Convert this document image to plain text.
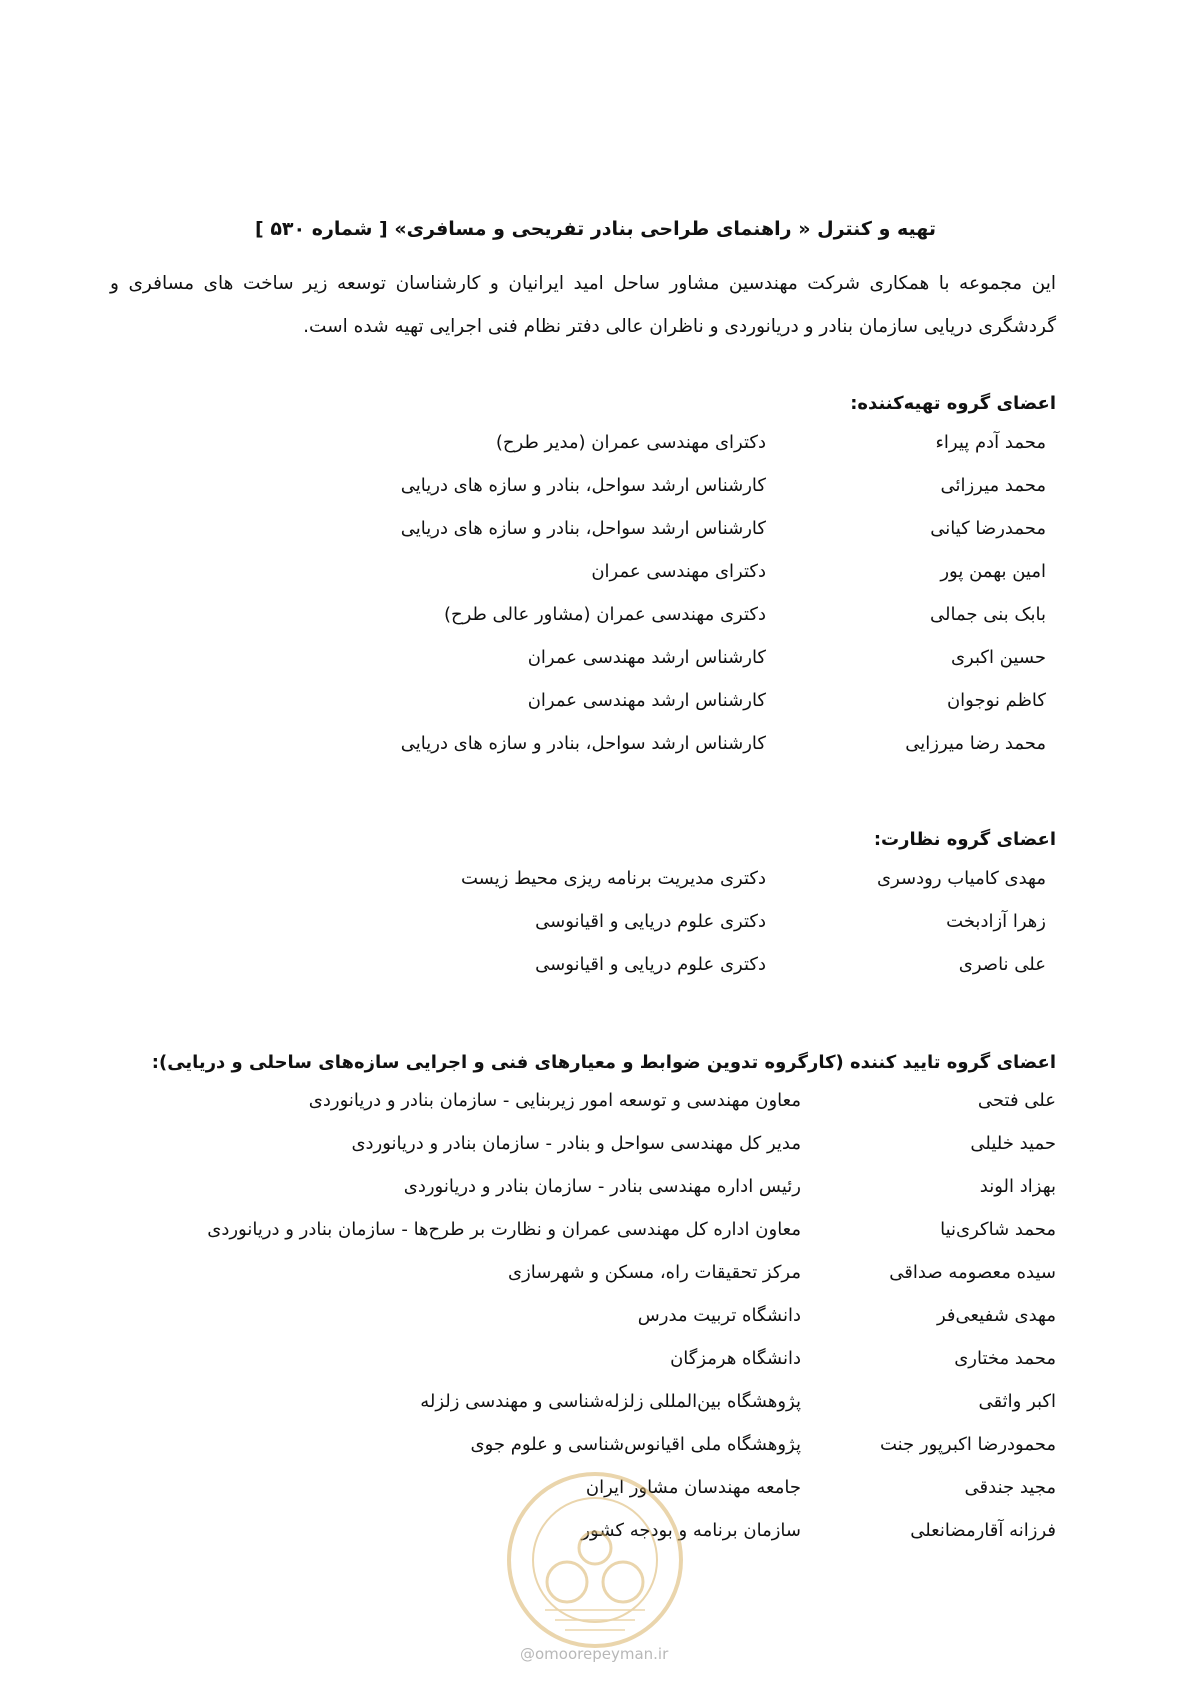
تهیه و کنترل « راهنمای طراحی بنادر تفریحی و مسافری» [ شماره ۵۳۰ ]
این مجموعه با همکاری شرکت مهندسین مشاور ساحل امید ایرانیان و کارشناسان توسعه زیر ساخت های مسافری و گردشگری دریایی سازمان بنادر و دریانوردی و ناظران عالی دفتر نظام فنی اجرایی تهیه شده است.
اعضای گروه تهیه‌کننده:
محمد آدم پیراء
دکترای مهندسی عمران (مدیر طرح)
محمد میرزائی
کارشناس ارشد سواحل، بنادر و سازه های دریایی
محمدرضا کیانی
کارشناس ارشد سواحل، بنادر و سازه های دریایی
امین بهمن پور
دکترای مهندسی عمران
بابک بنی جمالی
دکتری مهندسی عمران (مشاور عالی طرح)
حسین اکبری
کارشناس ارشد مهندسی عمران
کاظم نوجوان
کارشناس ارشد مهندسی عمران
محمد رضا میرزایی
کارشناس ارشد سواحل، بنادر و سازه های دریایی
اعضای گروه نظارت:
مهدی کامیاب رودسری
دکتری مدیریت برنامه ریزی محیط زیست
زهرا آزادبخت
دکتری علوم دریایی و اقیانوسی
علی ناصری
دکتری علوم دریایی و اقیانوسی
اعضای گروه تایید کننده (کارگروه تدوین ضوابط و معیارهای فنی و اجرایی سازه‌های ساحلی و دریایی):
علی فتحی
معاون مهندسی و توسعه امور زیربنایی - سازمان بنادر و دریانوردی
حمید خلیلی
مدیر کل مهندسی سواحل و بنادر - سازمان بنادر و دریانوردی
بهزاد الوند
رئیس اداره مهندسی بنادر - سازمان بنادر و دریانوردی
محمد شاکری‌نیا
معاون اداره کل مهندسی عمران و نظارت بر طرح‌ها - سازمان بنادر و دریانوردی
سیده معصومه صداقی
مرکز تحقیقات راه، مسکن و شهرسازی
مهدی شفیعی‌فر
دانشگاه تربیت مدرس
محمد مختاری
دانشگاه هرمزگان
اکبر واثقی
پژوهشگاه بین‌المللی زلزله‌شناسی و مهندسی زلزله
محمودرضا اکبرپور جنت
پژوهشگاه ملی اقیانوس‌شناسی و علوم جوی
مجید جندقی
جامعه مهندسان مشاور ایران
فرزانه آقارمضانعلی
سازمان برنامه و بودجه کشور
@omoorepeyman.ir
